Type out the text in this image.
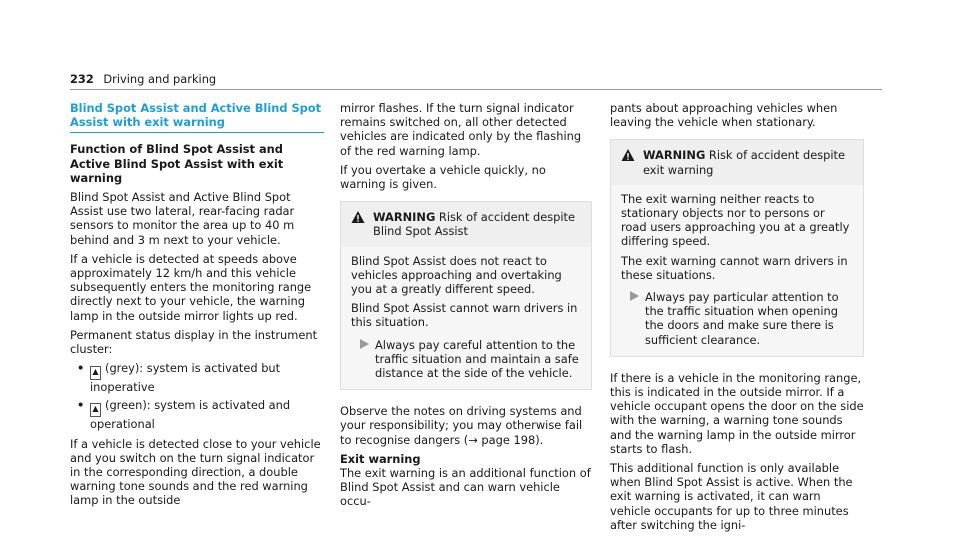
232 Driving and parking
Blind Spot Assist and Active Blind Spot Assist with exit warning

Function of Blind Spot Assist and Active Blind Spot Assist with exit warning

Blind Spot Assist and Active Blind Spot Assist use two lateral, rear-facing radar sensors to monitor the area up to 40 m behind and 3 m next to your vehicle.

If a vehicle is detected at speeds above approximately 12 km/h and this vehicle subsequently enters the monitoring range directly next to your vehicle, the warning lamp in the outside mirror lights up red.

Permanent status display in the instrument cluster:

• ▲ (grey): system is activated but inoperative
• ▲ (green): system is activated and operational

If a vehicle is detected close to your vehicle and you switch on the turn signal indicator in the corresponding direction, a double warning tone sounds and the red warning lamp in the outside

mirror flashes. If the turn signal indicator remains switched on, all other detected vehicles are indicated only by the flashing of the red warning lamp.

If you overtake a vehicle quickly, no warning is given.

WARNING Risk of accident despite Blind Spot Assist

Blind Spot Assist does not react to vehicles approaching and overtaking you at a greatly different speed.

Blind Spot Assist cannot warn drivers in this situation.

Always pay careful attention to the traffic situation and maintain a safe distance at the side of the vehicle.

Observe the notes on driving systems and your responsibility; you may otherwise fail to recognise dangers (→ page 198).

Exit warning

The exit warning is an additional function of Blind Spot Assist and can warn vehicle occu-

pants about approaching vehicles when leaving the vehicle when stationary.

WARNING Risk of accident despite exit warning

The exit warning neither reacts to stationary objects nor to persons or road users approaching you at a greatly differing speed.

The exit warning cannot warn drivers in these situations.

Always pay particular attention to the traffic situation when opening the doors and make sure there is sufficient clearance.

If there is a vehicle in the monitoring range, this is indicated in the outside mirror. If a vehicle occupant opens the door on the side with the warning, a warning tone sounds and the warning lamp in the outside mirror starts to flash.

This additional function is only available when Blind Spot Assist is active. When the exit warning is activated, it can warn vehicle occupants for up to three minutes after switching the igni-
